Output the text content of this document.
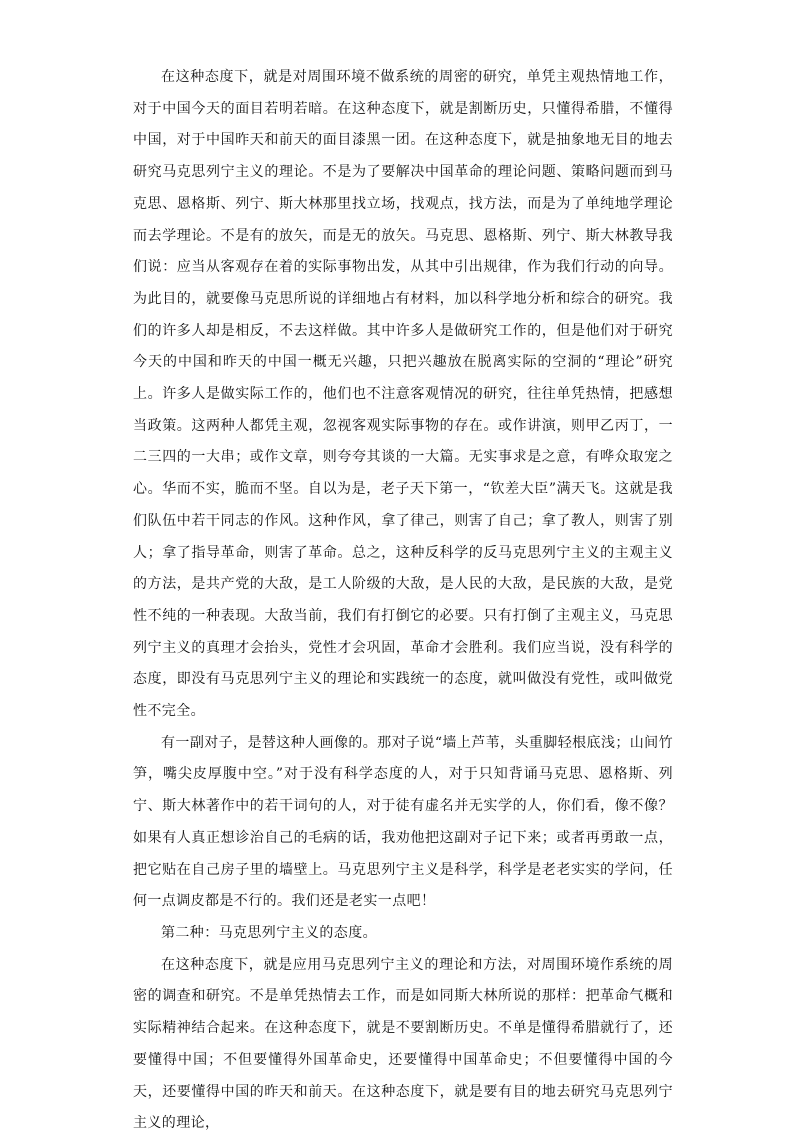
在这种态度下，就是对周围环境不做系统的周密的研究，单凭主观热情地工作，对于中国今天的面目若明若暗。在这种态度下，就是割断历史，只懂得希腊，不懂得中国，对于中国昨天和前天的面目漆黑一团。在这种态度下，就是抽象地无目的地去研究马克思列宁主义的理论。不是为了要解决中国革命的理论问题、策略问题而到马克思、恩格斯、列宁、斯大林那里找立场，找观点，找方法，而是为了单纯地学理论而去学理论。不是有的放矢，而是无的放矢。马克思、恩格斯、列宁、斯大林教导我们说：应当从客观存在着的实际事物出发，从其中引出规律，作为我们行动的向导。为此目的，就要像马克思所说的详细地占有材料，加以科学地分析和综合的研究。我们的许多人却是相反，不去这样做。其中许多人是做研究工作的，但是他们对于研究今天的中国和昨天的中国一概无兴趣，只把兴趣放在脱离实际的空洞的“理论”研究上。许多人是做实际工作的，他们也不注意客观情况的研究，往往单凭热情，把感想当政策。这两种人都凭主观，忽视客观实际事物的存在。或作讲演，则甲乙丙丁，一二三四的一大串；或作文章，则夸夸其谈的一大篇。无实事求是之意，有哗众取宠之心。华而不实，脆而不坚。自以为是，老子天下第一，“钦差大臣”满天飞。这就是我们队伍中若干同志的作风。这种作风，拿了律己，则害了自己；拿了教人，则害了别人；拿了指导革命，则害了革命。总之，这种反科学的反马克思列宁主义的主观主义的方法，是共产党的大敌，是工人阶级的大敌，是人民的大敌，是民族的大敌，是党性不纯的一种表现。大敌当前，我们有打倒它的必要。只有打倒了主观主义，马克思列宁主义的真理才会抬头，党性才会巩固，革命才会胜利。我们应当说，没有科学的态度，即没有马克思列宁主义的理论和实践统一的态度，就叫做没有党性，或叫做党性不完全。

有一副对子，是替这种人画像的。那对子说“墙上芦苇，头重脚轻根底浅；山间竹笋，嘴尖皮厚腹中空。”对于没有科学态度的人，对于只知背诵马克思、恩格斯、列宁、斯大林著作中的若干词句的人，对于徒有虚名并无实学的人，你们看，像不像？如果有人真正想诊治自己的毛病的话，我劝他把这副对子记下来；或者再勇敢一点，把它贴在自己房子里的墙壁上。马克思列宁主义是科学，科学是老老实实的学问，任何一点调皮都是不行的。我们还是老实一点吧！

第二种：马克思列宁主义的态度。

在这种态度下，就是应用马克思列宁主义的理论和方法，对周围环境作系统的周密的调查和研究。不是单凭热情去工作，而是如同斯大林所说的那样：把革命气概和实际精神结合起来。在这种态度下，就是不要割断历史。不单是懂得希腊就行了，还要懂得中国；不但要懂得外国革命史，还要懂得中国革命史；不但要懂得中国的今天，还要懂得中国的昨天和前天。在这种态度下，就是要有目的地去研究马克思列宁主义的理论，
